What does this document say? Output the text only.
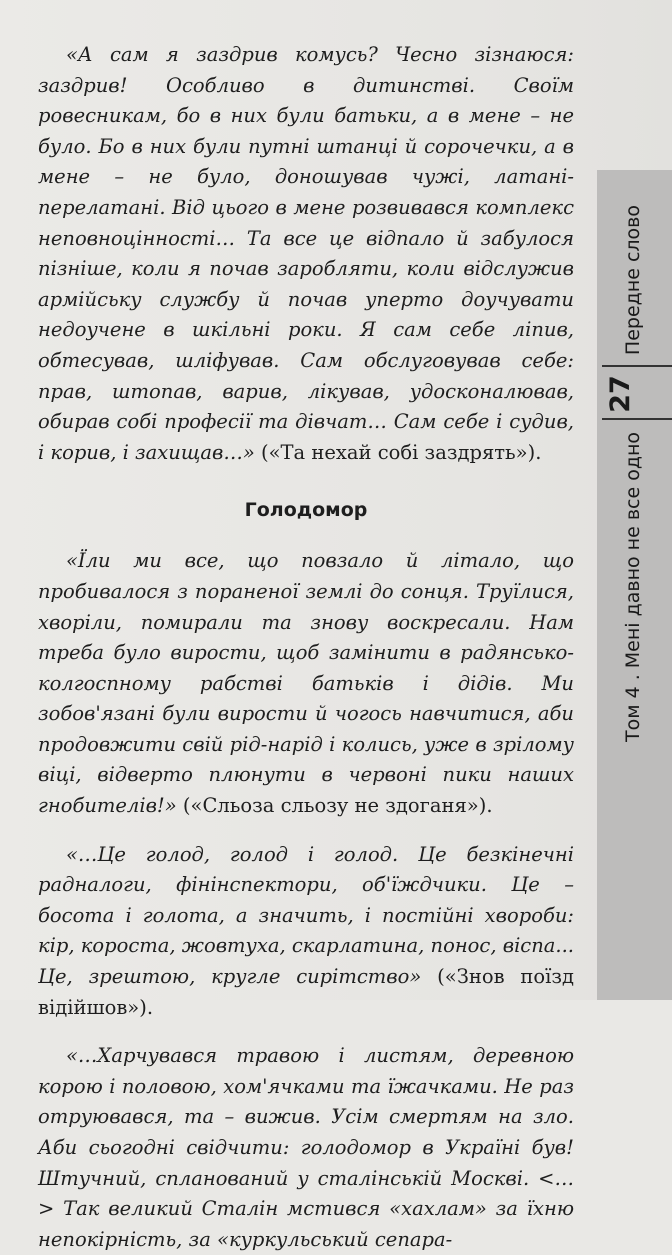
«А сам я заздрив комусь? Чесно зізнаюся: заздрив! Особливо в дитинстві. Своїм ровесникам, бо в них були батьки, а в мене – не було. Бо в них були путні штанці й сорочечки, а в мене – не було, доношував чужі, латані-перелатані. Від цього в мене розвивався комплекс неповноцінності… Та все це відпало й забулося пізніше, коли я почав заробляти, коли відслужив армійську службу й почав уперто доучувати недоучене в шкільні роки. Я сам себе ліпив, обтесував, шліфував. Сам обслуговував себе: прав, штопав, варив, лікував, удосконалював, обирав собі професії та дівчат… Сам себе і судив, і корив, і захищав…» («Та нехай собі заздрять»).

Голодомор

«Їли ми все, що повзало й літало, що пробивалося з пораненої землі до сонця. Труїлися, хворіли, помирали та знову воскресали. Нам треба було вирости, щоб замінити в радянсько-колгоспному рабстві батьків і дідів. Ми зобов'язані були вирости й чогось навчитися, аби продовжити свій рід-нарід і колись, уже в зрілому віці, відверто плюнути в червоні пики наших гнобителів!» («Сльоза сльозу не здоганя»).

«…Це голод, голод і голод. Це безкінечні радналоги, фінінспектори, об'їждчики. Це – босота і голота, а значить, і постійні хвороби: кір, короста, жовтуха, скарлатина, понос, віспа... Це, зрештою, кругле сирітство» («Знов поїзд відійшов»).

«…Харчувався травою і листям, деревною корою і половою, хом'ячками та їжачками. Не раз отруювався, та – вижив. Усім смертям на зло. Аби сьогодні свідчити: голодомор в Україні був! Штучний, спланований у сталінській Москві. <…> Так великий Сталін мстився «хахлам» за їхню непокірність, за «куркульський сепара-

Передне слово
27
Том 4 . Мені давно не все одно
